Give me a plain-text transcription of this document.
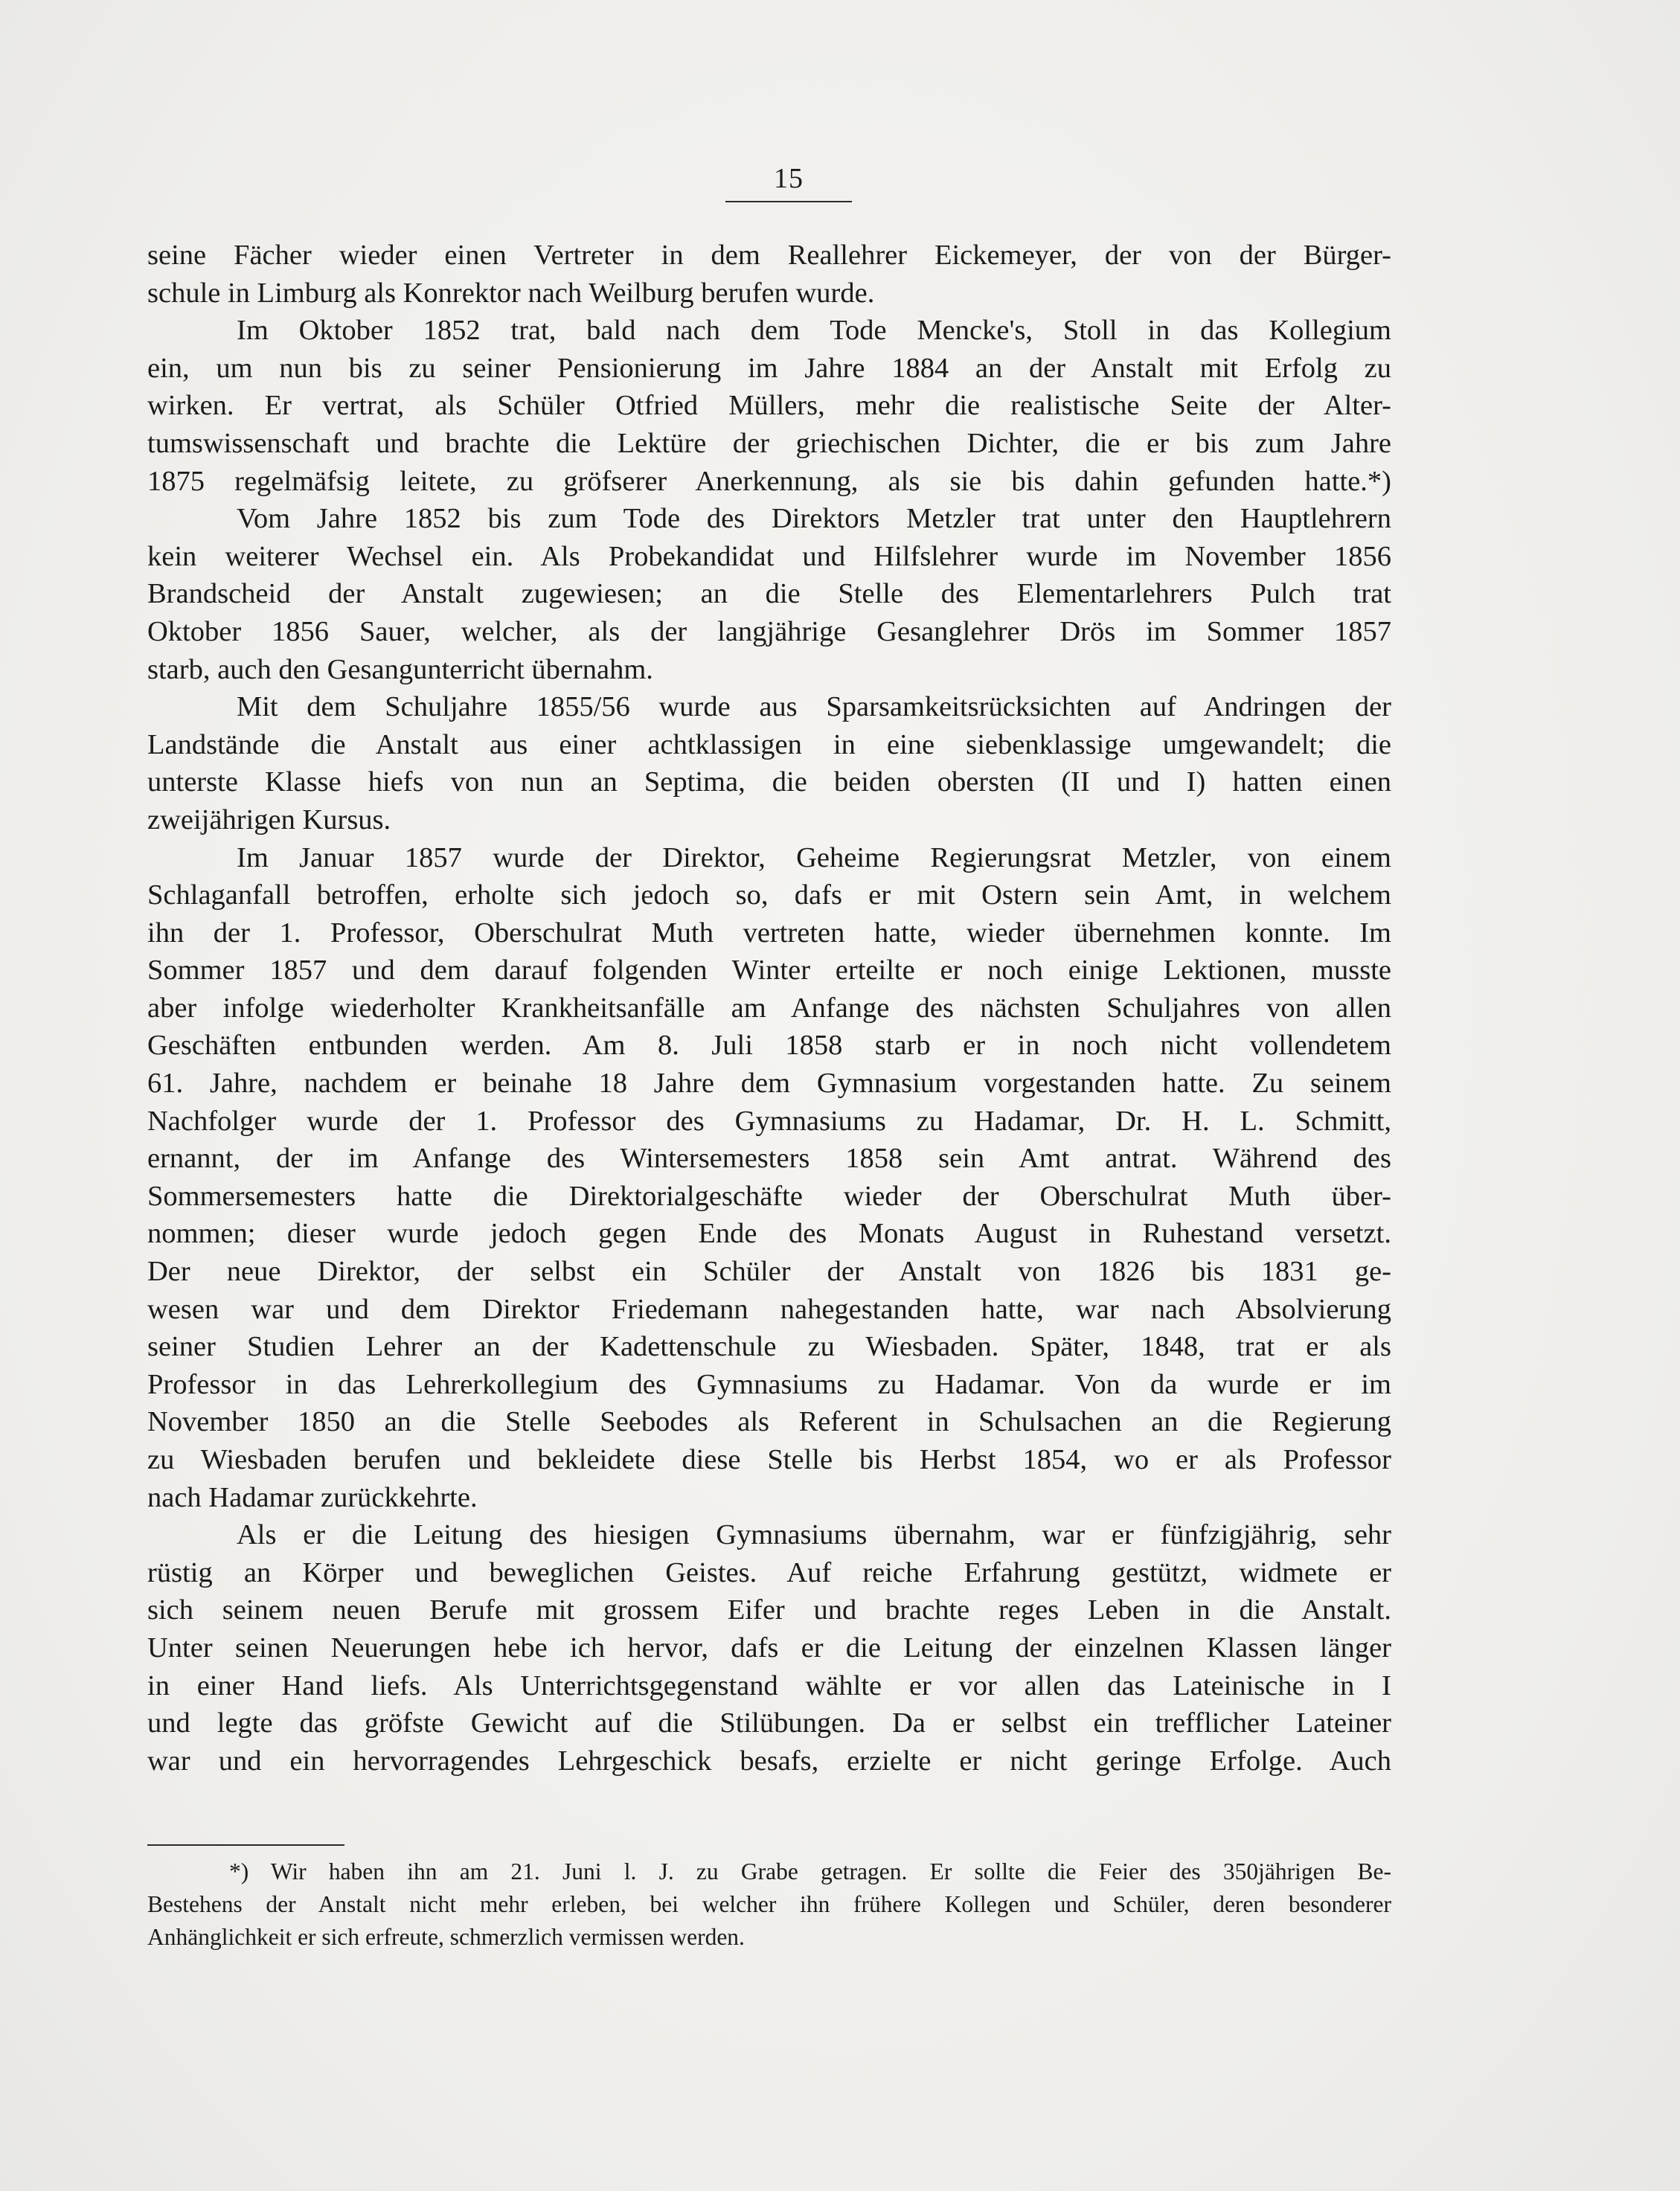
15
seine Fächer wieder einen Vertreter in dem Reallehrer Eickemeyer, der von der Bürger-
schule in Limburg als Konrektor nach Weilburg berufen wurde.
Im Oktober 1852 trat, bald nach dem Tode Mencke's, Stoll in das Kollegium
ein, um nun bis zu seiner Pensionierung im Jahre 1884 an der Anstalt mit Erfolg zu
wirken. Er vertrat, als Schüler Otfried Müllers, mehr die realistische Seite der Alter-
tumswissenschaft und brachte die Lektüre der griechischen Dichter, die er bis zum Jahre
1875 regelmäfsig leitete, zu gröfserer Anerkennung, als sie bis dahin gefunden hatte.*)
Vom Jahre 1852 bis zum Tode des Direktors Metzler trat unter den Hauptlehrern
kein weiterer Wechsel ein. Als Probekandidat und Hilfslehrer wurde im November 1856
Brandscheid der Anstalt zugewiesen; an die Stelle des Elementarlehrers Pulch trat
Oktober 1856 Sauer, welcher, als der langjährige Gesanglehrer Drös im Sommer 1857
starb, auch den Gesangunterricht übernahm.
Mit dem Schuljahre 1855/56 wurde aus Sparsamkeitsrücksichten auf Andringen der
Landstände die Anstalt aus einer achtklassigen in eine siebenklassige umgewandelt; die
unterste Klasse hiefs von nun an Septima, die beiden obersten (II und I) hatten einen
zweijährigen Kursus.
Im Januar 1857 wurde der Direktor, Geheime Regierungsrat Metzler, von einem
Schlaganfall betroffen, erholte sich jedoch so, dafs er mit Ostern sein Amt, in welchem
ihn der 1. Professor, Oberschulrat Muth vertreten hatte, wieder übernehmen konnte. Im
Sommer 1857 und dem darauf folgenden Winter erteilte er noch einige Lektionen, musste
aber infolge wiederholter Krankheitsanfälle am Anfange des nächsten Schuljahres von allen
Geschäften entbunden werden. Am 8. Juli 1858 starb er in noch nicht vollendetem
61. Jahre, nachdem er beinahe 18 Jahre dem Gymnasium vorgestanden hatte. Zu seinem
Nachfolger wurde der 1. Professor des Gymnasiums zu Hadamar, Dr. H. L. Schmitt,
ernannt, der im Anfange des Wintersemesters 1858 sein Amt antrat. Während des
Sommersemesters hatte die Direktorialgeschäfte wieder der Oberschulrat Muth über-
nommen; dieser wurde jedoch gegen Ende des Monats August in Ruhestand versetzt.
Der neue Direktor, der selbst ein Schüler der Anstalt von 1826 bis 1831 ge-
wesen war und dem Direktor Friedemann nahegestanden hatte, war nach Absolvierung
seiner Studien Lehrer an der Kadettenschule zu Wiesbaden. Später, 1848, trat er als
Professor in das Lehrerkollegium des Gymnasiums zu Hadamar. Von da wurde er im
November 1850 an die Stelle Seebodes als Referent in Schulsachen an die Regierung
zu Wiesbaden berufen und bekleidete diese Stelle bis Herbst 1854, wo er als Professor
nach Hadamar zurückkehrte.
Als er die Leitung des hiesigen Gymnasiums übernahm, war er fünfzigjährig, sehr
rüstig an Körper und beweglichen Geistes. Auf reiche Erfahrung gestützt, widmete er
sich seinem neuen Berufe mit grossem Eifer und brachte reges Leben in die Anstalt.
Unter seinen Neuerungen hebe ich hervor, dafs er die Leitung der einzelnen Klassen länger
in einer Hand liefs. Als Unterrichtsgegenstand wählte er vor allen das Lateinische in I
und legte das gröfste Gewicht auf die Stilübungen. Da er selbst ein trefflicher Lateiner
war und ein hervorragendes Lehrgeschick besafs, erzielte er nicht geringe Erfolge. Auch
*) Wir haben ihn am 21. Juni l. J. zu Grabe getragen. Er sollte die Feier des 350jährigen Be-
Bestehens der Anstalt nicht mehr erleben, bei welcher ihn frühere Kollegen und Schüler, deren besonderer
Anhänglichkeit er sich erfreute, schmerzlich vermissen werden.
